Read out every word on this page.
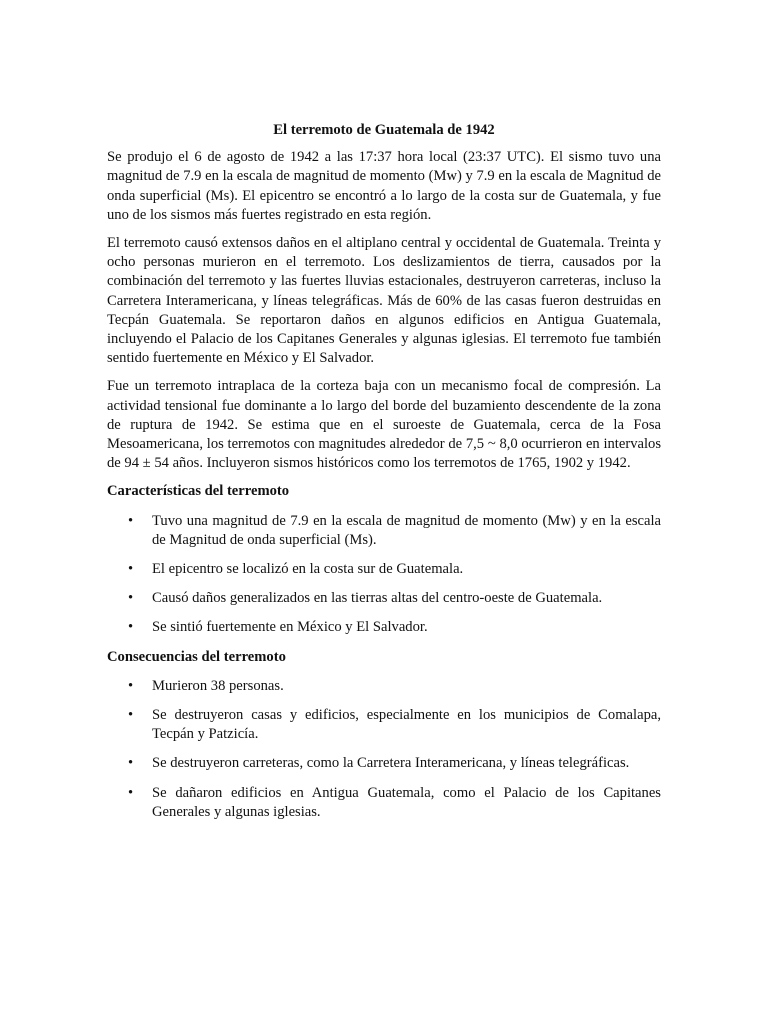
El terremoto de Guatemala de 1942

Se produjo el 6 de agosto de 1942 a las 17:37 hora local (23:37 UTC). El sismo tuvo una magnitud de 7.9 en la escala de magnitud de momento (Mw) y 7.9 en la escala de Magnitud de onda superficial (Ms). El epicentro se encontró a lo largo de la costa sur de Guatemala, y fue uno de los sismos más fuertes registrado en esta región.

El terremoto causó extensos daños en el altiplano central y occidental de Guatemala. Treinta y ocho personas murieron en el terremoto. Los deslizamientos de tierra, causados por la combinación del terremoto y las fuertes lluvias estacionales, destruyeron carreteras, incluso la Carretera Interamericana, y líneas telegráficas. Más de 60% de las casas fueron destruidas en Tecpán Guatemala. Se reportaron daños en algunos edificios en Antigua Guatemala, incluyendo el Palacio de los Capitanes Generales y algunas iglesias. El terremoto fue también sentido fuertemente en México y El Salvador.

Fue un terremoto intraplaca de la corteza baja con un mecanismo focal de compresión. La actividad tensional fue dominante a lo largo del borde del buzamiento descendente de la zona de ruptura de 1942. Se estima que en el suroeste de Guatemala, cerca de la Fosa Mesoamericana, los terremotos con magnitudes alrededor de 7,5 ~ 8,0 ocurrieron en intervalos de 94 ± 54 años. Incluyeron sismos históricos como los terremotos de 1765, 1902 y 1942.

Características del terremoto
• Tuvo una magnitud de 7.9 en la escala de magnitud de momento (Mw) y en la escala de Magnitud de onda superficial (Ms).
• El epicentro se localizó en la costa sur de Guatemala.
• Causó daños generalizados en las tierras altas del centro-oeste de Guatemala.
• Se sintió fuertemente en México y El Salvador.
Consecuencias del terremoto
• Murieron 38 personas.
• Se destruyeron casas y edificios, especialmente en los municipios de Comalapa, Tecpán y Patzicía.
• Se destruyeron carreteras, como la Carretera Interamericana, y líneas telegráficas.
• Se dañaron edificios en Antigua Guatemala, como el Palacio de los Capitanes Generales y algunas iglesias.
